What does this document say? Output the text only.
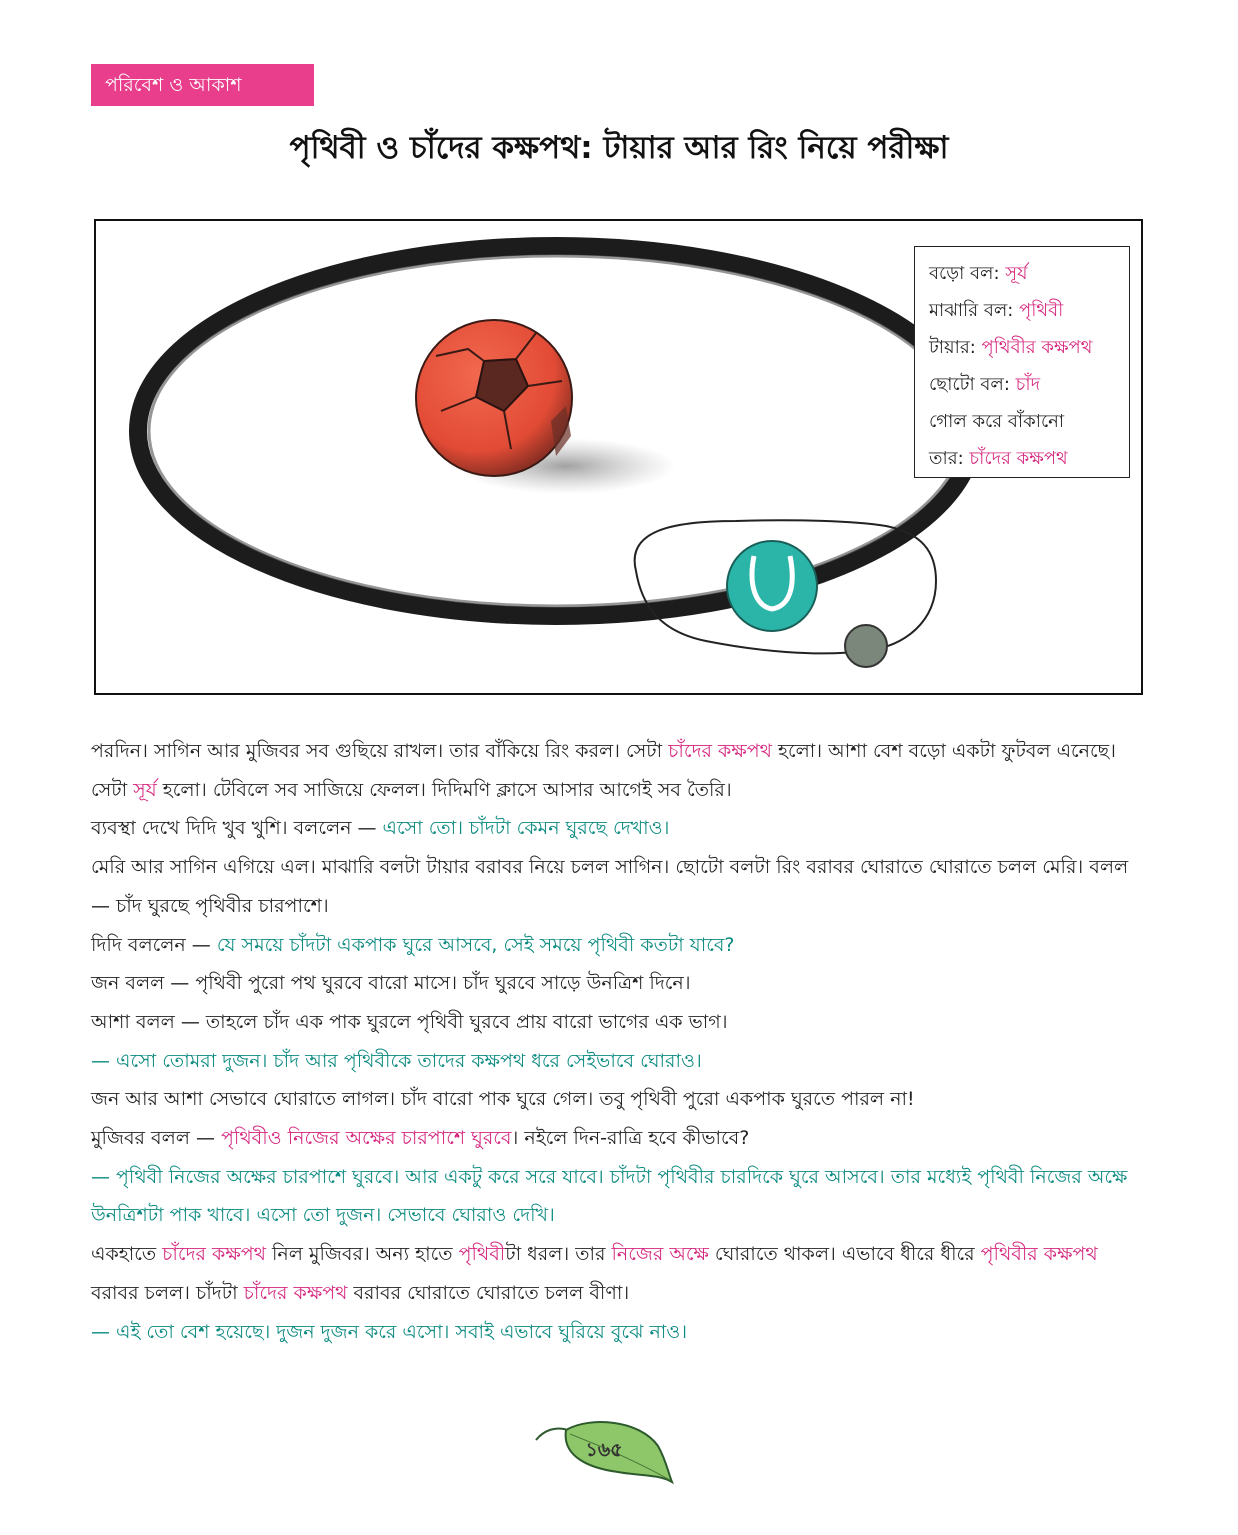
পরিবেশ ও আকাশ
পৃথিবী ও চাঁদের কক্ষপথ: টায়ার আর রিং নিয়ে পরীক্ষা
বড়ো বল: সূর্য
মাঝারি বল: পৃথিবী
টায়ার: পৃথিবীর কক্ষপথ
ছোটো বল: চাঁদ
গোল করে বাঁকানো
তার: চাঁদের কক্ষপথ

পরদিন। সাগিন আর মুজিবর সব গুছিয়ে রাখল। তার বাঁকিয়ে রিং করল। সেটা চাঁদের কক্ষপথ হলো। আশা বেশ বড়ো একটা ফুটবল এনেছে। সেটা সূর্য হলো। টেবিলে সব সাজিয়ে ফেলল। দিদিমণি ক্লাসে আসার আগেই সব তৈরি।

ব্যবস্থা দেখে দিদি খুব খুশি। বললেন — এসো তো। চাঁদটা কেমন ঘুরছে দেখাও।

মেরি আর সাগিন এগিয়ে এল। মাঝারি বলটা টায়ার বরাবর নিয়ে চলল সাগিন। ছোটো বলটা রিং বরাবর ঘোরাতে ঘোরাতে চলল মেরি। বলল — চাঁদ ঘুরছে পৃথিবীর চারপাশে।

দিদি বললেন — যে সময়ে চাঁদটা একপাক ঘুরে আসবে, সেই সময়ে পৃথিবী কতটা যাবে?

জন বলল — পৃথিবী পুরো পথ ঘুরবে বারো মাসে। চাঁদ ঘুরবে সাড়ে উনত্রিশ দিনে।

আশা বলল — তাহলে চাঁদ এক পাক ঘুরলে পৃথিবী ঘুরবে প্রায় বারো ভাগের এক ভাগ।

— এসো তোমরা দুজন। চাঁদ আর পৃথিবীকে তাদের কক্ষপথ ধরে সেইভাবে ঘোরাও।

জন আর আশা সেভাবে ঘোরাতে লাগল। চাঁদ বারো পাক ঘুরে গেল। তবু পৃথিবী পুরো একপাক ঘুরতে পারল না!

মুজিবর বলল — পৃথিবীও নিজের অক্ষের চারপাশে ঘুরবে। নইলে দিন-রাত্রি হবে কীভাবে?

— পৃথিবী নিজের অক্ষের চারপাশে ঘুরবে। আর একটু করে সরে যাবে। চাঁদটা পৃথিবীর চারদিকে ঘুরে আসবে। তার মধ্যেই পৃথিবী নিজের অক্ষে উনত্রিশটা পাক খাবে। এসো তো দুজন। সেভাবে ঘোরাও দেখি।

একহাতে চাঁদের কক্ষপথ নিল মুজিবর। অন্য হাতে পৃথিবীটা ধরল। তার নিজের অক্ষে ঘোরাতে থাকল। এভাবে ধীরে ধীরে পৃথিবীর কক্ষপথ বরাবর চলল। চাঁদটা চাঁদের কক্ষপথ বরাবর ঘোরাতে ঘোরাতে চলল বীণা।

— এই তো বেশ হয়েছে। দুজন দুজন করে এসো। সবাই এভাবে ঘুরিয়ে বুঝে নাও।

১৬৫
